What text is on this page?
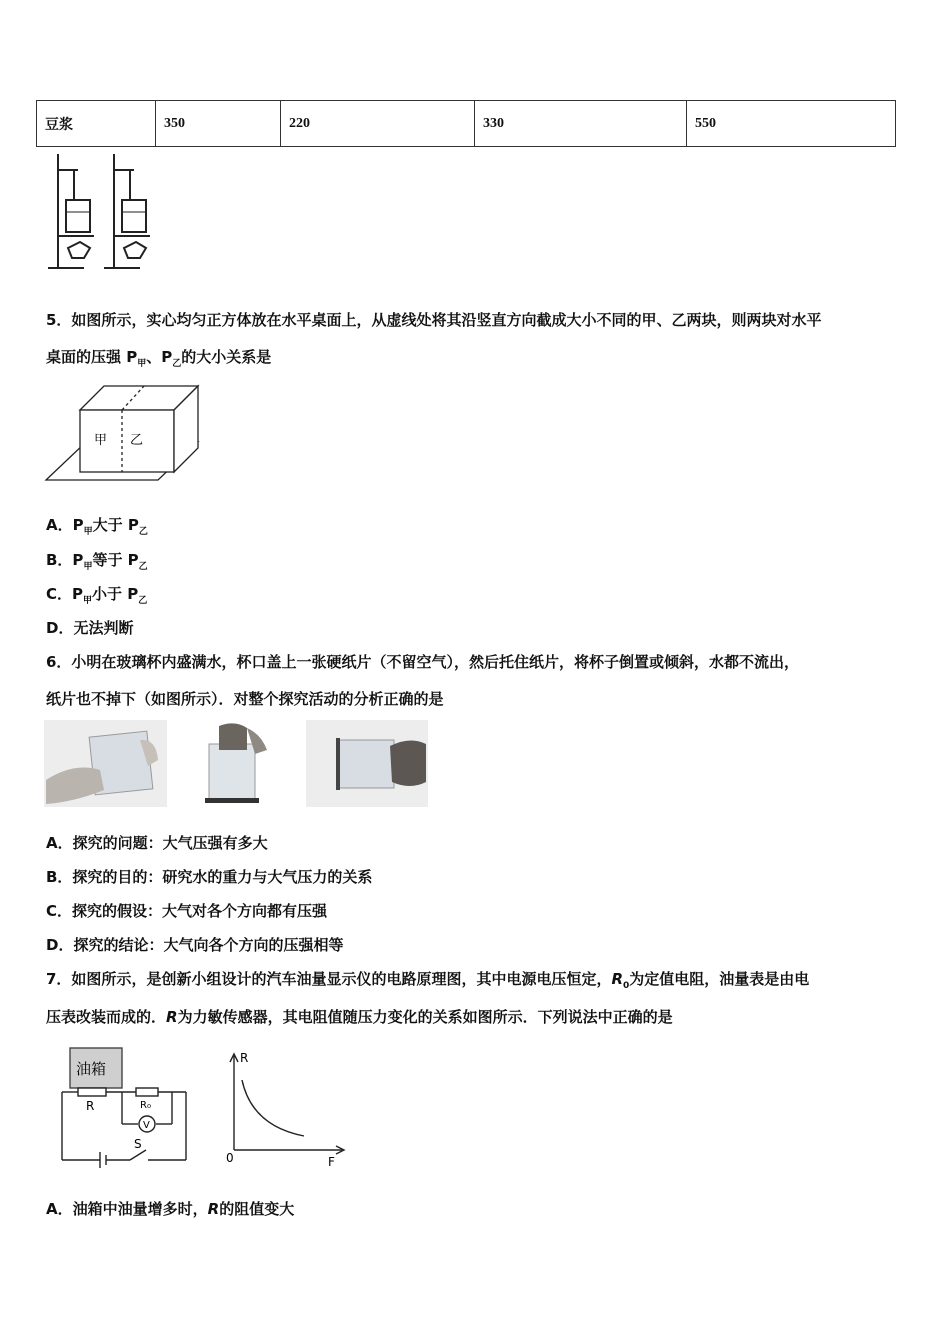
豆浆	350	220	330	550
5．如图所示，实心均匀正方体放在水平桌面上，从虚线处将其沿竖直方向截成大小不同的甲、乙两块，则两块对水平
桌面的压强 $P_甲$、$P_乙$的大小关系是
甲 乙
A．$P_甲$大于 $P_乙$
B．$P_甲$等于 $P_乙$
C．$P_甲$小于 $P_乙$
D．无法判断
6．小明在玻璃杯内盛满水，杯口盖上一张硬纸片（不留空气），然后托住纸片，将杯子倒置或倾斜，水都不流出，
纸片也不掉下（如图所示）．对整个探究活动的分析正确的是
A．探究的问题：大气压强有多大
B．探究的目的：研究水的重力与大气压力的关系
C．探究的假设：大气对各个方向都有压强
D．探究的结论：大气向各个方向的压强相等
7．如图所示，是创新小组设计的汽车油量显示仪的电路原理图，其中电源电压恒定，$R_0$为定值电阻，油量表是由电
压表改装而成的．R为力敏传感器，其电阻值随压力变化的关系如图所示．下列说法中正确的是
油箱
R	R₀
V
S
R
F
0
A．油箱中油量增多时，R的阻值变大
